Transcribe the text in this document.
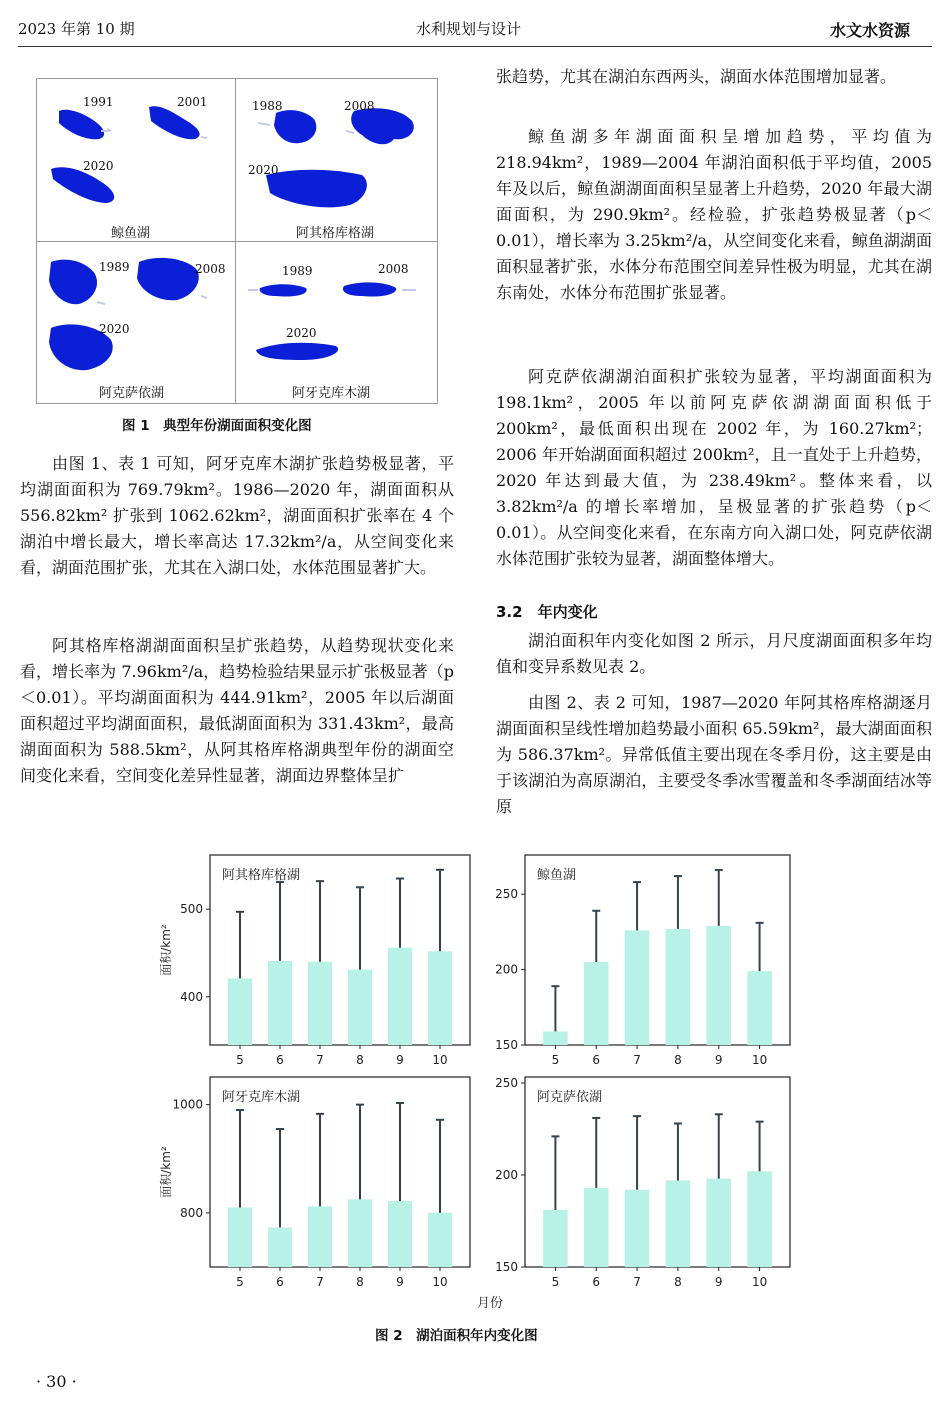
2023 年第 10 期	水利规划与设计	水文水资源
1991	2001
2020
鲸鱼湖
1988	2008
2020
阿其格库格湖
1989	2008
2020
阿克萨依湖
1989	2008
2020
阿牙克库木湖
图 1　典型年份湖面面积变化图

由图 1、表 1 可知，阿牙克库木湖扩张趋势极显著，平均湖面面积为 769.79km²。1986—2020 年，湖面面积从 556.82km² 扩张到 1062.62km²，湖面面积扩张率在 4 个湖泊中增长最大，增长率高达 17.32km²/a，从空间变化来看，湖面范围扩张，尤其在入湖口处，水体范围显著扩大。

阿其格库格湖湖面面积呈扩张趋势，从趋势现状变化来看，增长率为 7.96km²/a，趋势检验结果显示扩张极显著（p＜0.01）。平均湖面面积为 444.91km²，2005 年以后湖面面积超过平均湖面面积，最低湖面面积为 331.43km²，最高湖面面积为 588.5km²，从阿其格库格湖典型年份的湖面空间变化来看，空间变化差异性显著，湖面边界整体呈扩

张趋势，尤其在湖泊东西两头，湖面水体范围增加显著。

鲸鱼湖多年湖面面积呈增加趋势，平均值为 218.94km²，1989—2004 年湖泊面积低于平均值，2005 年及以后，鲸鱼湖湖面面积呈显著上升趋势，2020 年最大湖面面积，为 290.9km²。经检验，扩张趋势极显著（p＜0.01），增长率为 3.25km²/a，从空间变化来看，鲸鱼湖湖面面积显著扩张，水体分布范围空间差异性极为明显，尤其在湖东南处，水体分布范围扩张显著。

阿克萨依湖湖泊面积扩张较为显著，平均湖面面积为 198.1km²，2005 年以前阿克萨依湖湖面面积低于 200km²，最低面积出现在 2002 年，为 160.27km²；2006 年开始湖面面积超过 200km²，且一直处于上升趋势，2020 年达到最大值，为 238.49km²。整体来看，以 3.82km²/a 的增长率增加，呈极显著的扩张趋势（p＜0.01）。从空间变化来看，在东南方向入湖口处，阿克萨依湖水体范围扩张较为显著，湖面整体增大。

3.2　年内变化

湖泊面积年内变化如图 2 所示，月尺度湖面面积多年均值和变异系数见表 2。

由图 2、表 2 可知，1987—2020 年阿其格库格湖逐月湖面面积呈线性增加趋势最小面积 65.59km²，最大湖面面积为 586.37km²。异常低值主要出现在冬季月份，这主要是由于该湖泊为高原湖泊，主要受冬季冰雪覆盖和冬季湖面结冰等原

阿其格库格湖
400
500
5	6	7	8	9 10
面积/km²
鲸鱼湖
150
200
250
5	6	7	8	9 10
阿牙克库木湖
800
1000
5	6	7	8	9 10
面积/km²
阿克萨依湖
150
200
250
5	6	7	8	9 10
月份
图 2　湖泊面积年内变化图
· 30 ·
